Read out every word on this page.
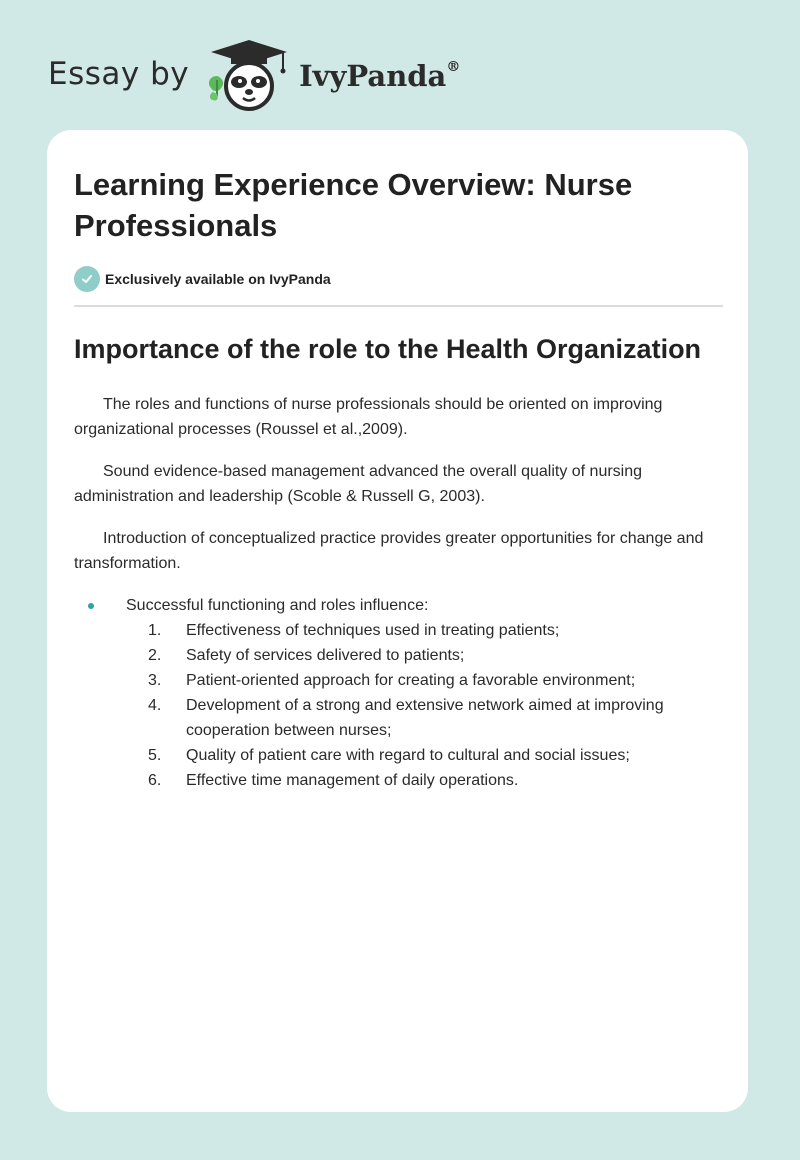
Essay by	IvyPanda®
Learning Experience Overview: Nurse Professionals
Exclusively available on IvyPanda
Importance of the role to the Health Organization

The roles and functions of nurse professionals should be oriented on improving organizational processes (Roussel et al.,2009).

Sound evidence-based management advanced the overall quality of nursing administration and leadership (Scoble & Russell G, 2003).

Introduction of conceptualized practice provides greater opportunities for change and transformation.

Successful functioning and roles influence:
1. Effectiveness of techniques used in treating patients;
2. Safety of services delivered to patients;
3. Patient-oriented approach for creating a favorable environment;
4. Development of a strong and extensive network aimed at improving cooperation between nurses;
5. Quality of patient care with regard to cultural and social issues;
6. Effective time management of daily operations.
